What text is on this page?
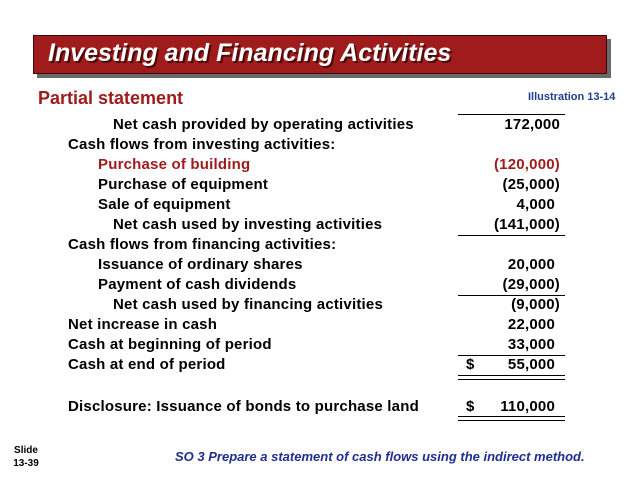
Investing and Financing Activities
Partial statement	Illustration 13-14
Net cash provided by operating activities	172,000
Cash flows from investing activities:
Purchase of building	(120,000)
Purchase of equipment	(25,000)
Sale of equipment	4,000
Net cash used by investing activities	(141,000)
Cash flows from financing activities:
Issuance of ordinary shares	20,000
Payment of cash dividends	(29,000)
Net cash used by financing activities	(9,000)
Net increase in cash	22,000
Cash at beginning of period	33,000
Cash at end of period	$	55,000
Disclosure: Issuance of bonds to purchase land	$	110,000
Slide
13-39	SO 3 Prepare a statement of cash flows using the indirect method.
